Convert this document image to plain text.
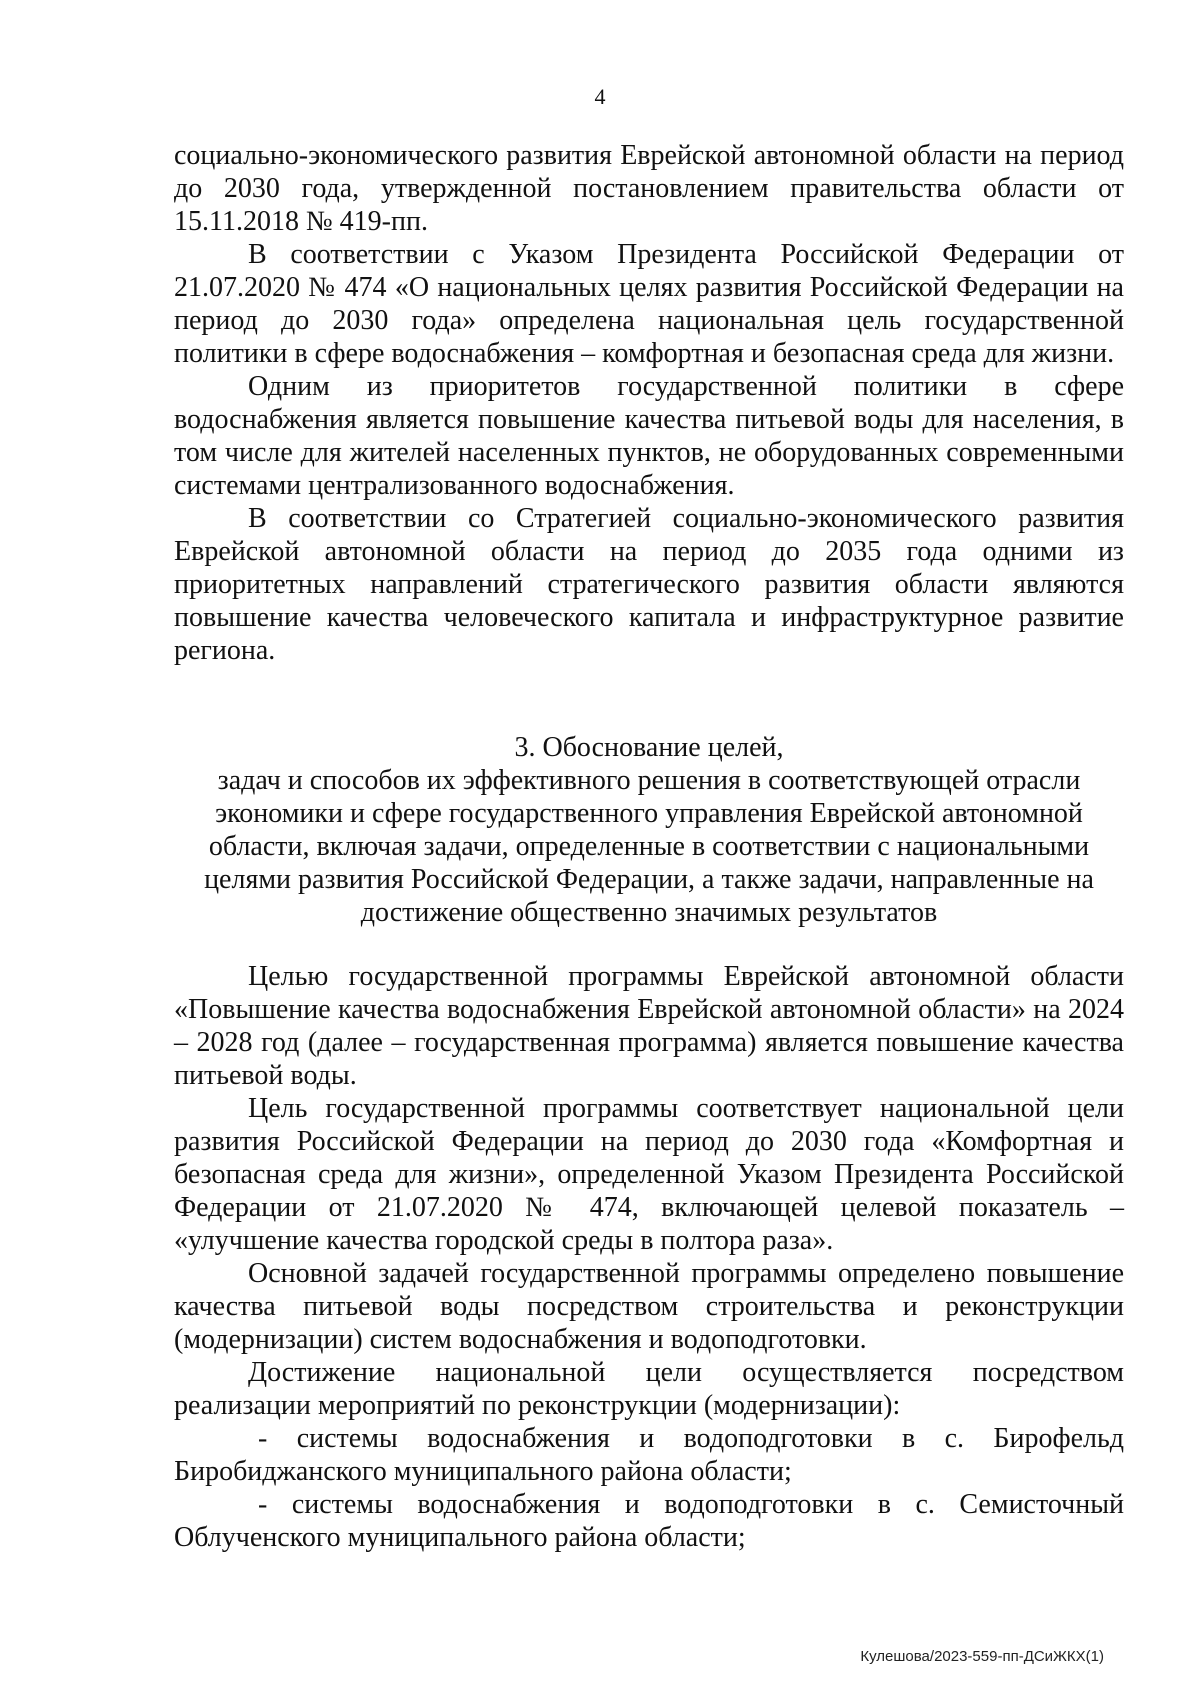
4

социально-экономического развития Еврейской автономной области на период до 2030 года, утвержденной постановлением правительства области от 15.11.2018 № 419-пп.

В соответствии с Указом Президента Российской Федерации от 21.07.2020 № 474 «О национальных целях развития Российской Федерации на период до 2030 года» определена национальная цель государственной политики в сфере водоснабжения – комфортная и безопасная среда для жизни.

Одним из приоритетов государственной политики в сфере водоснабжения является повышение качества питьевой воды для населения, в том числе для жителей населенных пунктов, не оборудованных современными системами централизованного водоснабжения.

В соответствии со Стратегией социально-экономического развития Еврейской автономной области на период до 2035 года одними из приоритетных направлений стратегического развития области являются повышение качества человеческого капитала и инфраструктурное развитие региона.

3. Обоснование целей,
задач и способов их эффективного решения в соответствующей отрасли экономики и сфере государственного управления Еврейской автономной области, включая задачи, определенные в соответствии с национальными целями развития Российской Федерации, а также задачи, направленные на достижение общественно значимых результатов

Целью государственной программы Еврейской автономной области «Повышение качества водоснабжения Еврейской автономной области» на 2024 – 2028 год (далее – государственная программа) является повышение качества питьевой воды.

Цель государственной программы соответствует национальной цели развития Российской Федерации на период до 2030 года «Комфортная и безопасная среда для жизни», определенной Указом Президента Российской Федерации от 21.07.2020 № 474, включающей целевой показатель – «улучшение качества городской среды в полтора раза».

Основной задачей государственной программы определено повышение качества питьевой воды посредством строительства и реконструкции (модернизации) систем водоснабжения и водоподготовки.

Достижение национальной цели осуществляется посредством реализации мероприятий по реконструкции (модернизации):

- системы водоснабжения и водоподготовки в с. Бирофельд Биробиджанского муниципального района области;

- системы водоснабжения и водоподготовки в с. Семисточный Облученского муниципального района области;

Кулешова/2023-559-пп-ДСиЖКХ(1)
